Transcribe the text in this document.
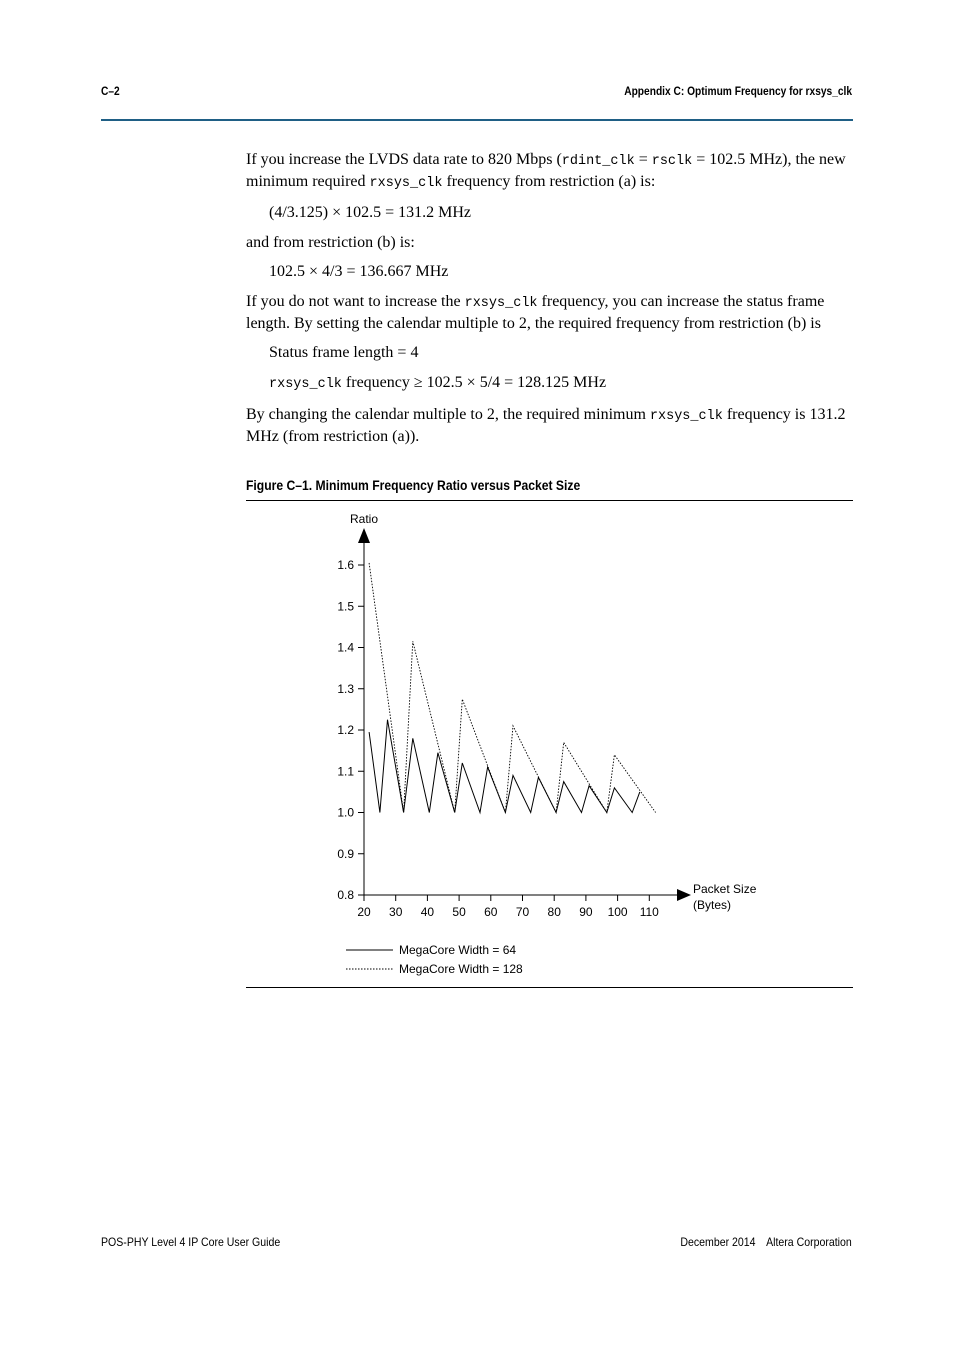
C–2	Appendix C: Optimum Frequency for rxsys_clk

If you increase the LVDS data rate to 820 Mbps (rdint_clk = rsclk = 102.5 MHz), the new minimum required rxsys_clk frequency from restriction (a) is:

(4/3.125) × 102.5 = 131.2 MHz

and from restriction (b) is:

102.5 × 4/3 = 136.667 MHz

If you do not want to increase the rxsys_clk frequency, you can increase the status frame length. By setting the calendar multiple to 2, the required frequency from restriction (b) is

Status frame length = 4

rxsys_clk frequency ≥ 102.5 × 5/4 = 128.125 MHz

By changing the calendar multiple to 2, the required minimum rxsys_clk frequency is 131.2 MHz (from restriction (a)).

Figure C–1. Minimum Frequency Ratio versus Packet Size
20 30 40 50 60 70 80 90 100 110
0.8
0.9
1.0
1.1
1.2
1.3
1.4
1.5
1.6
Ratio
Packet Size
(Bytes)
MegaCore Width = 64
MegaCore Width = 128
POS-PHY Level 4 IP Core User Guide	December 2014 Altera Corporation
